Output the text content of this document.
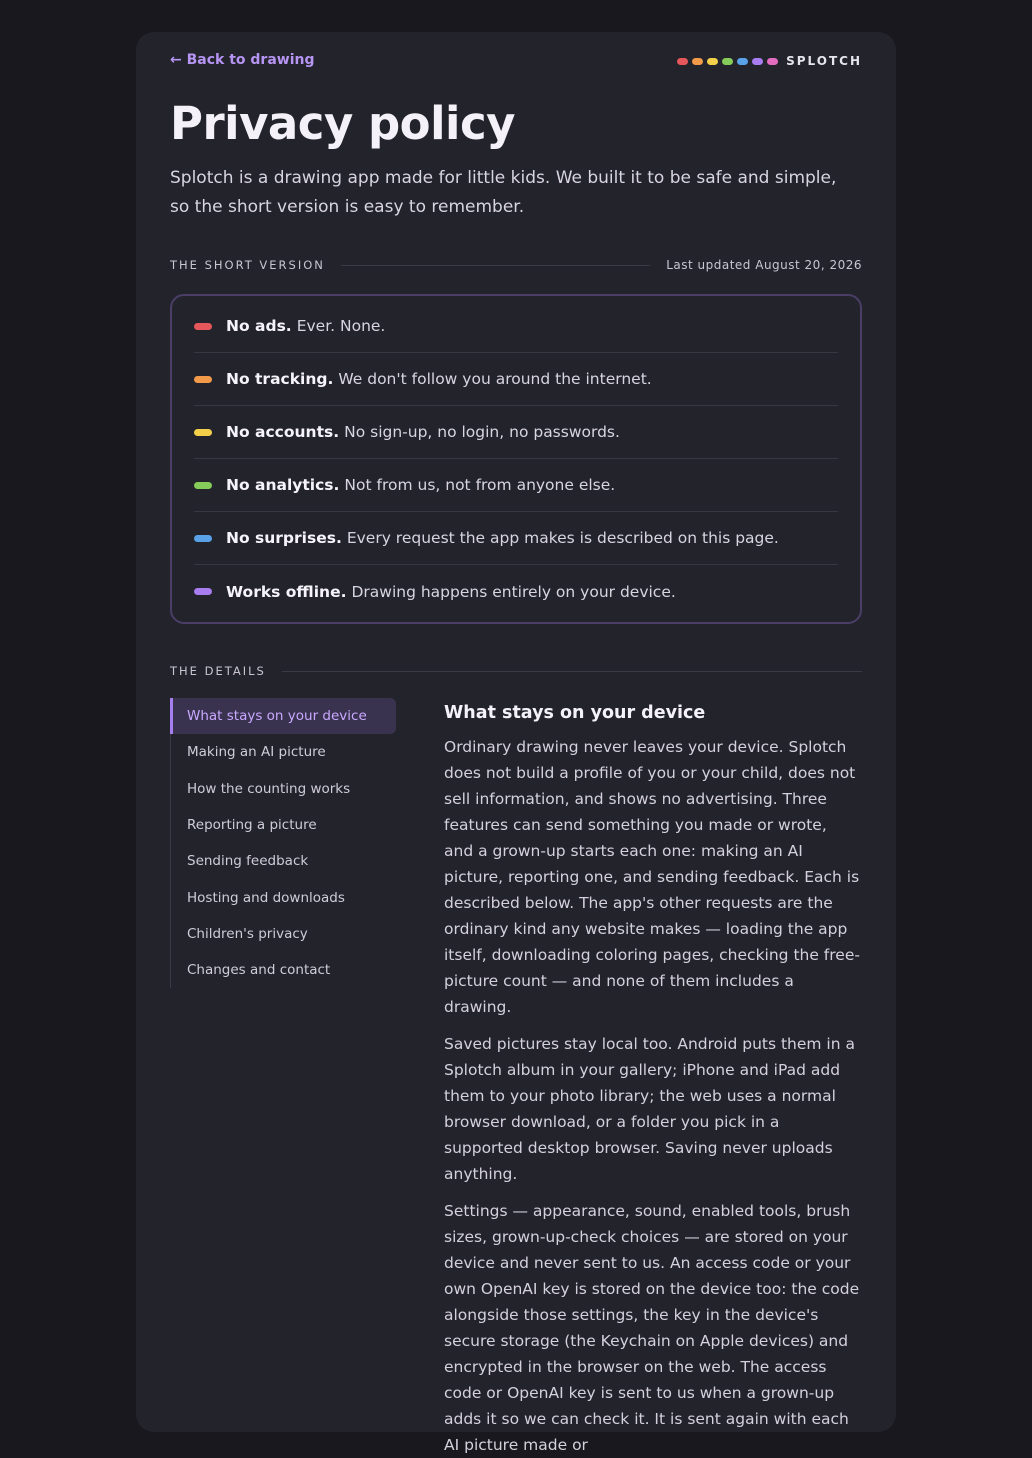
← Back to drawing	SPLOTCH
Privacy policy

Splotch is a drawing app made for little kids. We built it to be safe and simple, so the short version is easy to remember.

THE SHORT VERSION	Last updated August 20, 2026
No ads. Ever. None.
No tracking. We don't follow you around the internet.
No accounts. No sign-up, no login, no passwords.
No analytics. Not from us, not from anyone else.
No surprises. Every request the app makes is described on this page.
Works offline. Drawing happens entirely on your device.
THE DETAILS
What stays on your device
Making an AI picture
How the counting works
Reporting a picture
Sending feedback
Hosting and downloads
Children's privacy
Changes and contact
What stays on your device

Ordinary drawing never leaves your device. Splotch does not build a profile of you or your child, does not sell information, and shows no advertising. Three features can send something you made or wrote, and a grown-up starts each one: making an AI picture, reporting one, and sending feedback. Each is described below. The app's other requests are the ordinary kind any website makes — loading the app itself, downloading coloring pages, checking the free-picture count — and none of them includes a drawing.

Saved pictures stay local too. Android puts them in a Splotch album in your gallery; iPhone and iPad add them to your photo library; the web uses a normal browser download, or a folder you pick in a supported desktop browser. Saving never uploads anything.

Settings — appearance, sound, enabled tools, brush sizes, grown-up-check choices — are stored on your device and never sent to us. An access code or your own OpenAI key is stored on the device too: the code alongside those settings, the key in the device's secure storage (the Keychain on Apple devices) and encrypted in the browser on the web. The access code or OpenAI key is sent to us when a grown-up adds it so we can check it. It is sent again with each AI picture made or
